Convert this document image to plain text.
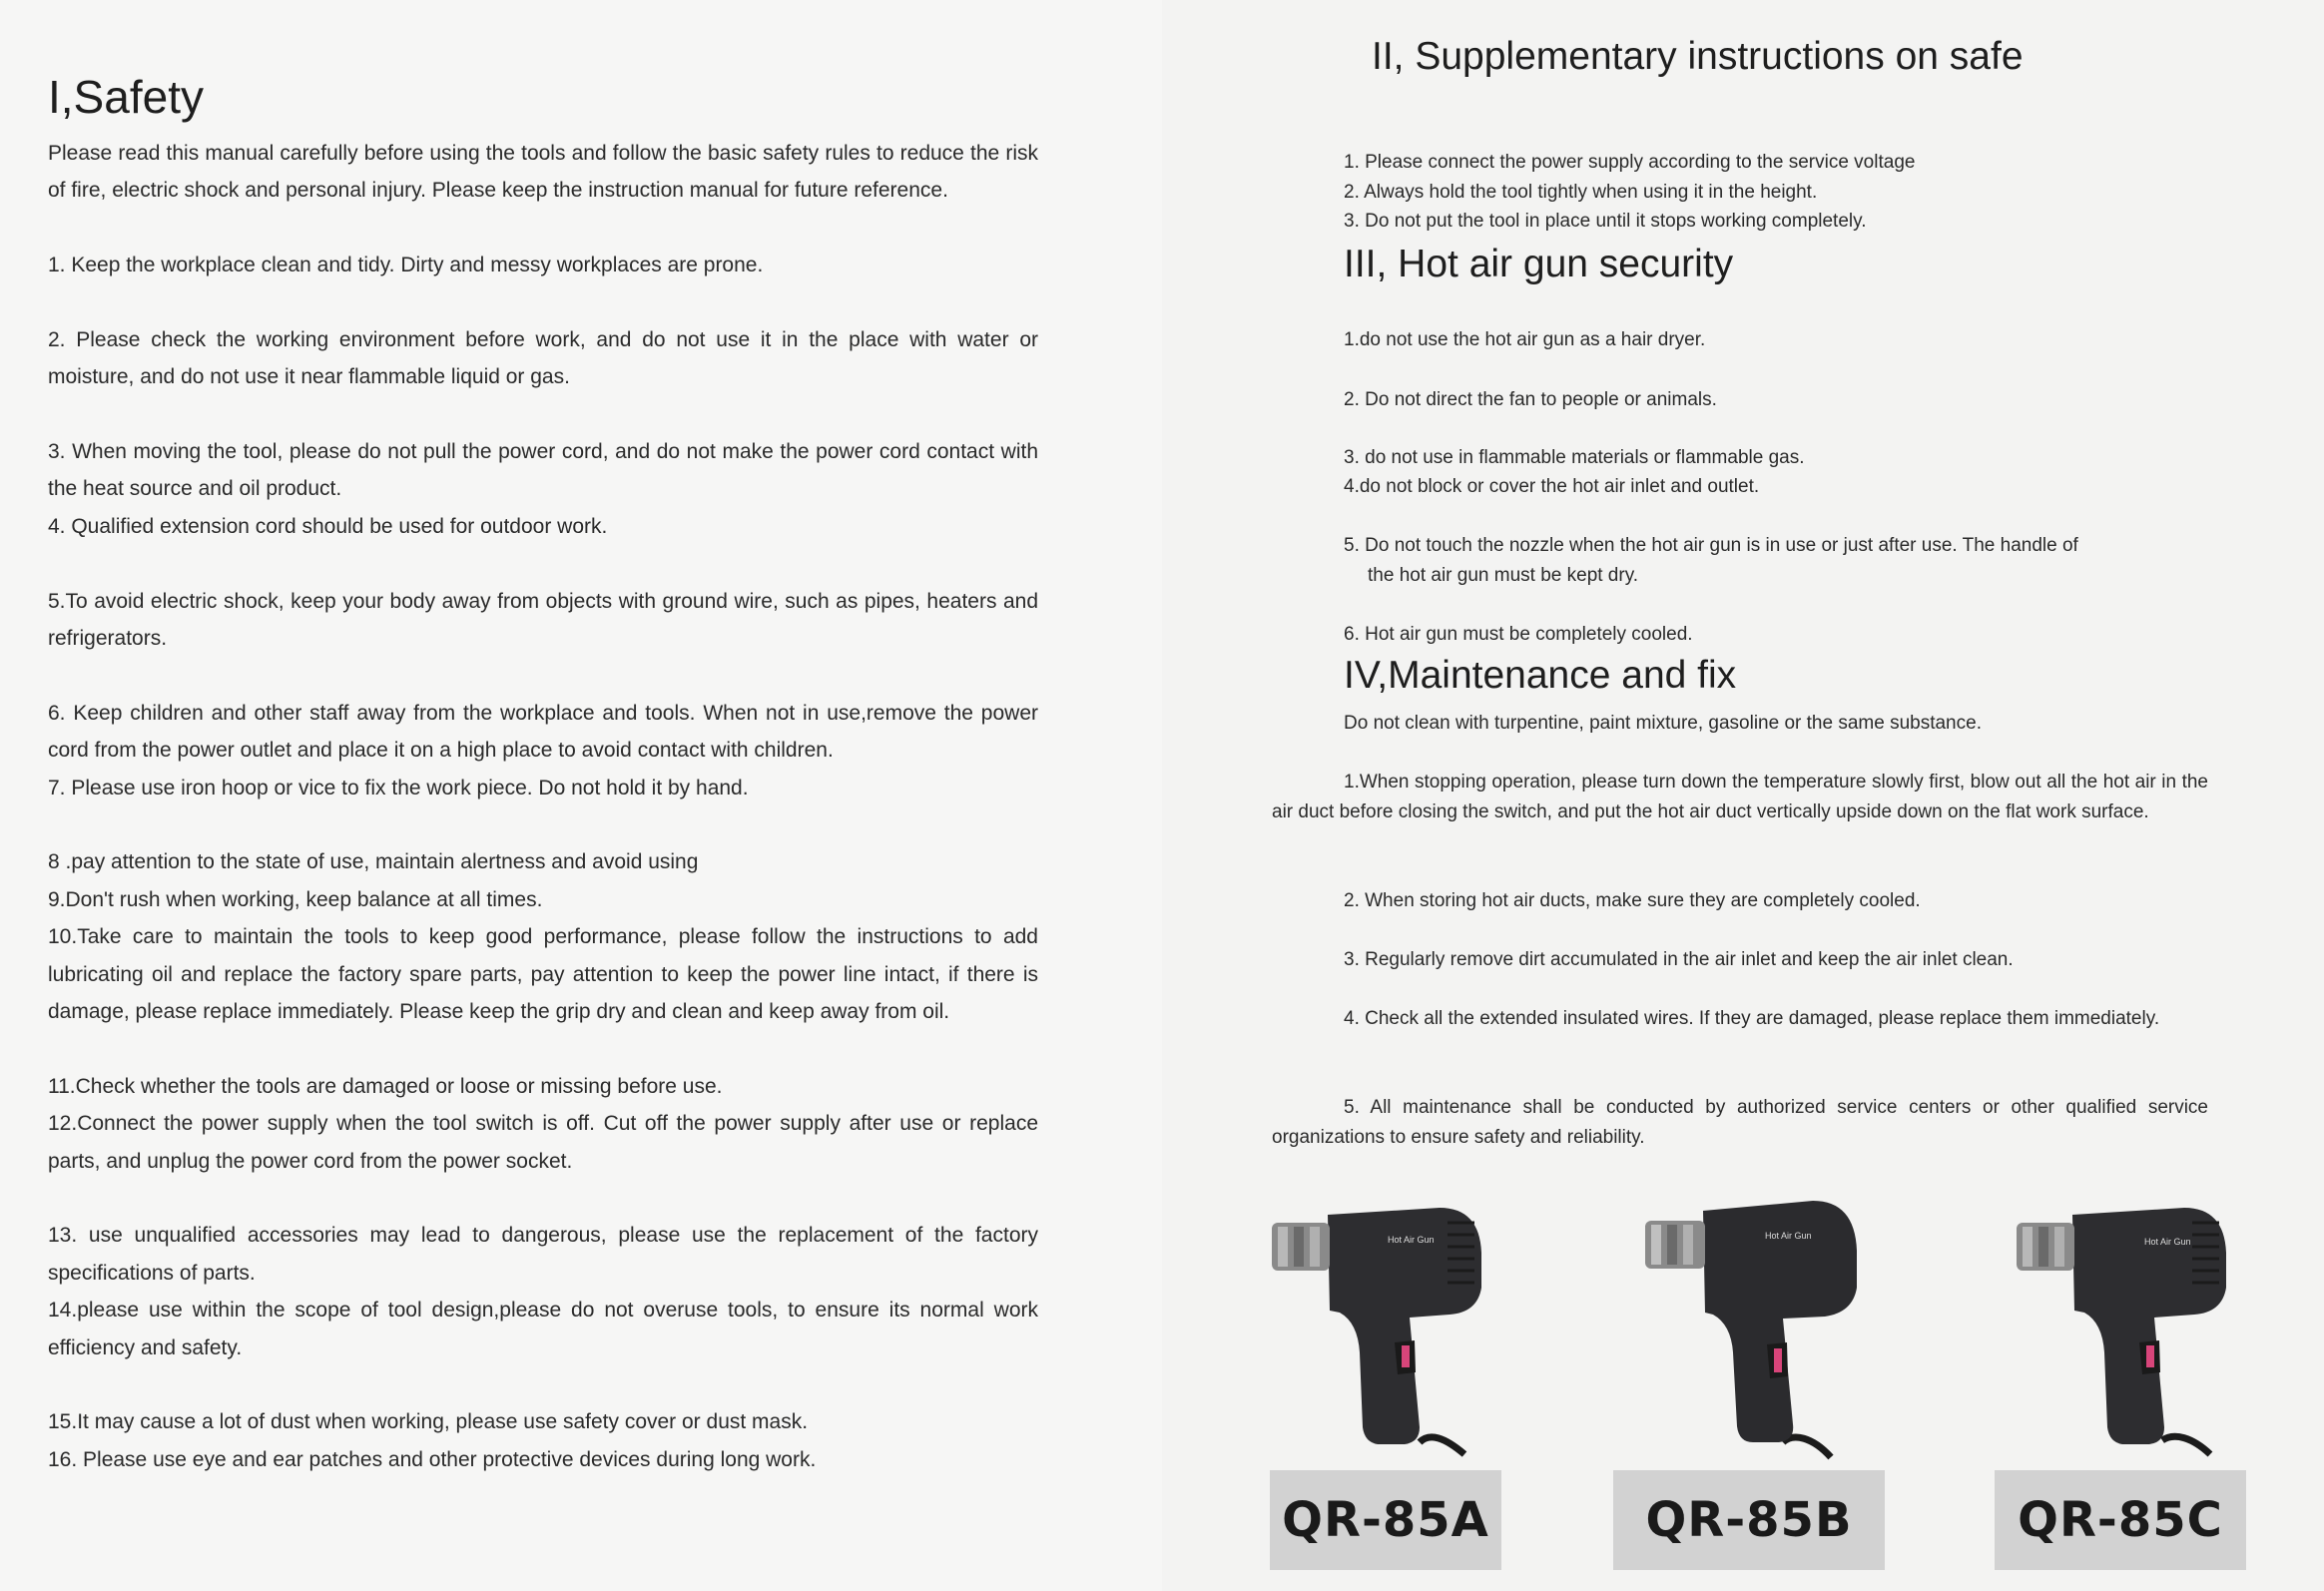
I,Safety

Please read this manual carefully before using the tools and follow the basic safety rules to reduce the risk of fire, electric shock and personal injury. Please keep the instruction manual for future reference.

1. Keep the workplace clean and tidy. Dirty and messy workplaces are prone.

2. Please check the working environment before work, and do not use it in the place with water or moisture, and do not use it near flammable liquid or gas.

3. When moving the tool, please do not pull the power cord, and do not make the power cord contact with the heat source and oil product.

4. Qualified extension cord should be used for outdoor work.

5.To avoid electric shock, keep your body away from objects with ground wire, such as pipes, heaters and refrigerators.

6. Keep children and other staff away from the workplace and tools. When not in use,remove the power cord from the power outlet and place it on a high place to avoid contact with children.

7. Please use iron hoop or vice to fix the work piece. Do not hold it by hand.

8 .pay attention to the state of use, maintain alertness and avoid using

9.Don't rush when working, keep balance at all times.

10.Take care to maintain the tools to keep good performance, please follow the instructions to add lubricating oil and replace the factory spare parts, pay attention to keep the power line intact, if there is damage, please replace immediately. Please keep the grip dry and clean and keep away from oil.

11.Check whether the tools are damaged or loose or missing before use.

12.Connect the power supply when the tool switch is off. Cut off the power supply after use or replace parts, and unplug the power cord from the power socket.

13. use unqualified accessories may lead to dangerous, please use the replacement of the factory specifications of parts.

14.please use within the scope of tool design,please do not overuse tools, to ensure its normal work efficiency and safety.

15.It may cause a lot of dust when working, please use safety cover or dust mask.

16. Please use eye and ear patches and other protective devices during long work.

II, Supplementary instructions on safe

1. Please connect the power supply according to the service voltage

2. Always hold the tool tightly when using it in the height.

3. Do not put the tool in place until it stops working completely.

III, Hot air gun security

1.do not use the hot air gun as a hair dryer.

2. Do not direct the fan to people or animals.

3. do not use in flammable materials or flammable gas.

4.do not block or cover the hot air inlet and outlet.

5. Do not touch the nozzle when the hot air gun is in use or just after use. The handle of

the hot air gun must be kept dry.

6. Hot air gun must be completely cooled.

IV,Maintenance and fix

Do not clean with turpentine, paint mixture, gasoline or the same substance.

1.When stopping operation, please turn down the temperature slowly first, blow out all the hot air in the air duct before closing the switch, and put the hot air duct vertically upside down on the flat work surface.

2. When storing hot air ducts, make sure they are completely cooled.

3. Regularly remove dirt accumulated in the air inlet and keep the air inlet clean.

4. Check all the extended insulated wires. If they are damaged, please replace them immediately.

5. All maintenance shall be conducted by authorized service centers or other qualified service organizations to ensure safety and reliability.

Hot Air Gun
QR-85A
Hot Air Gun
QR-85B
Hot Air Gun
QR-85C
